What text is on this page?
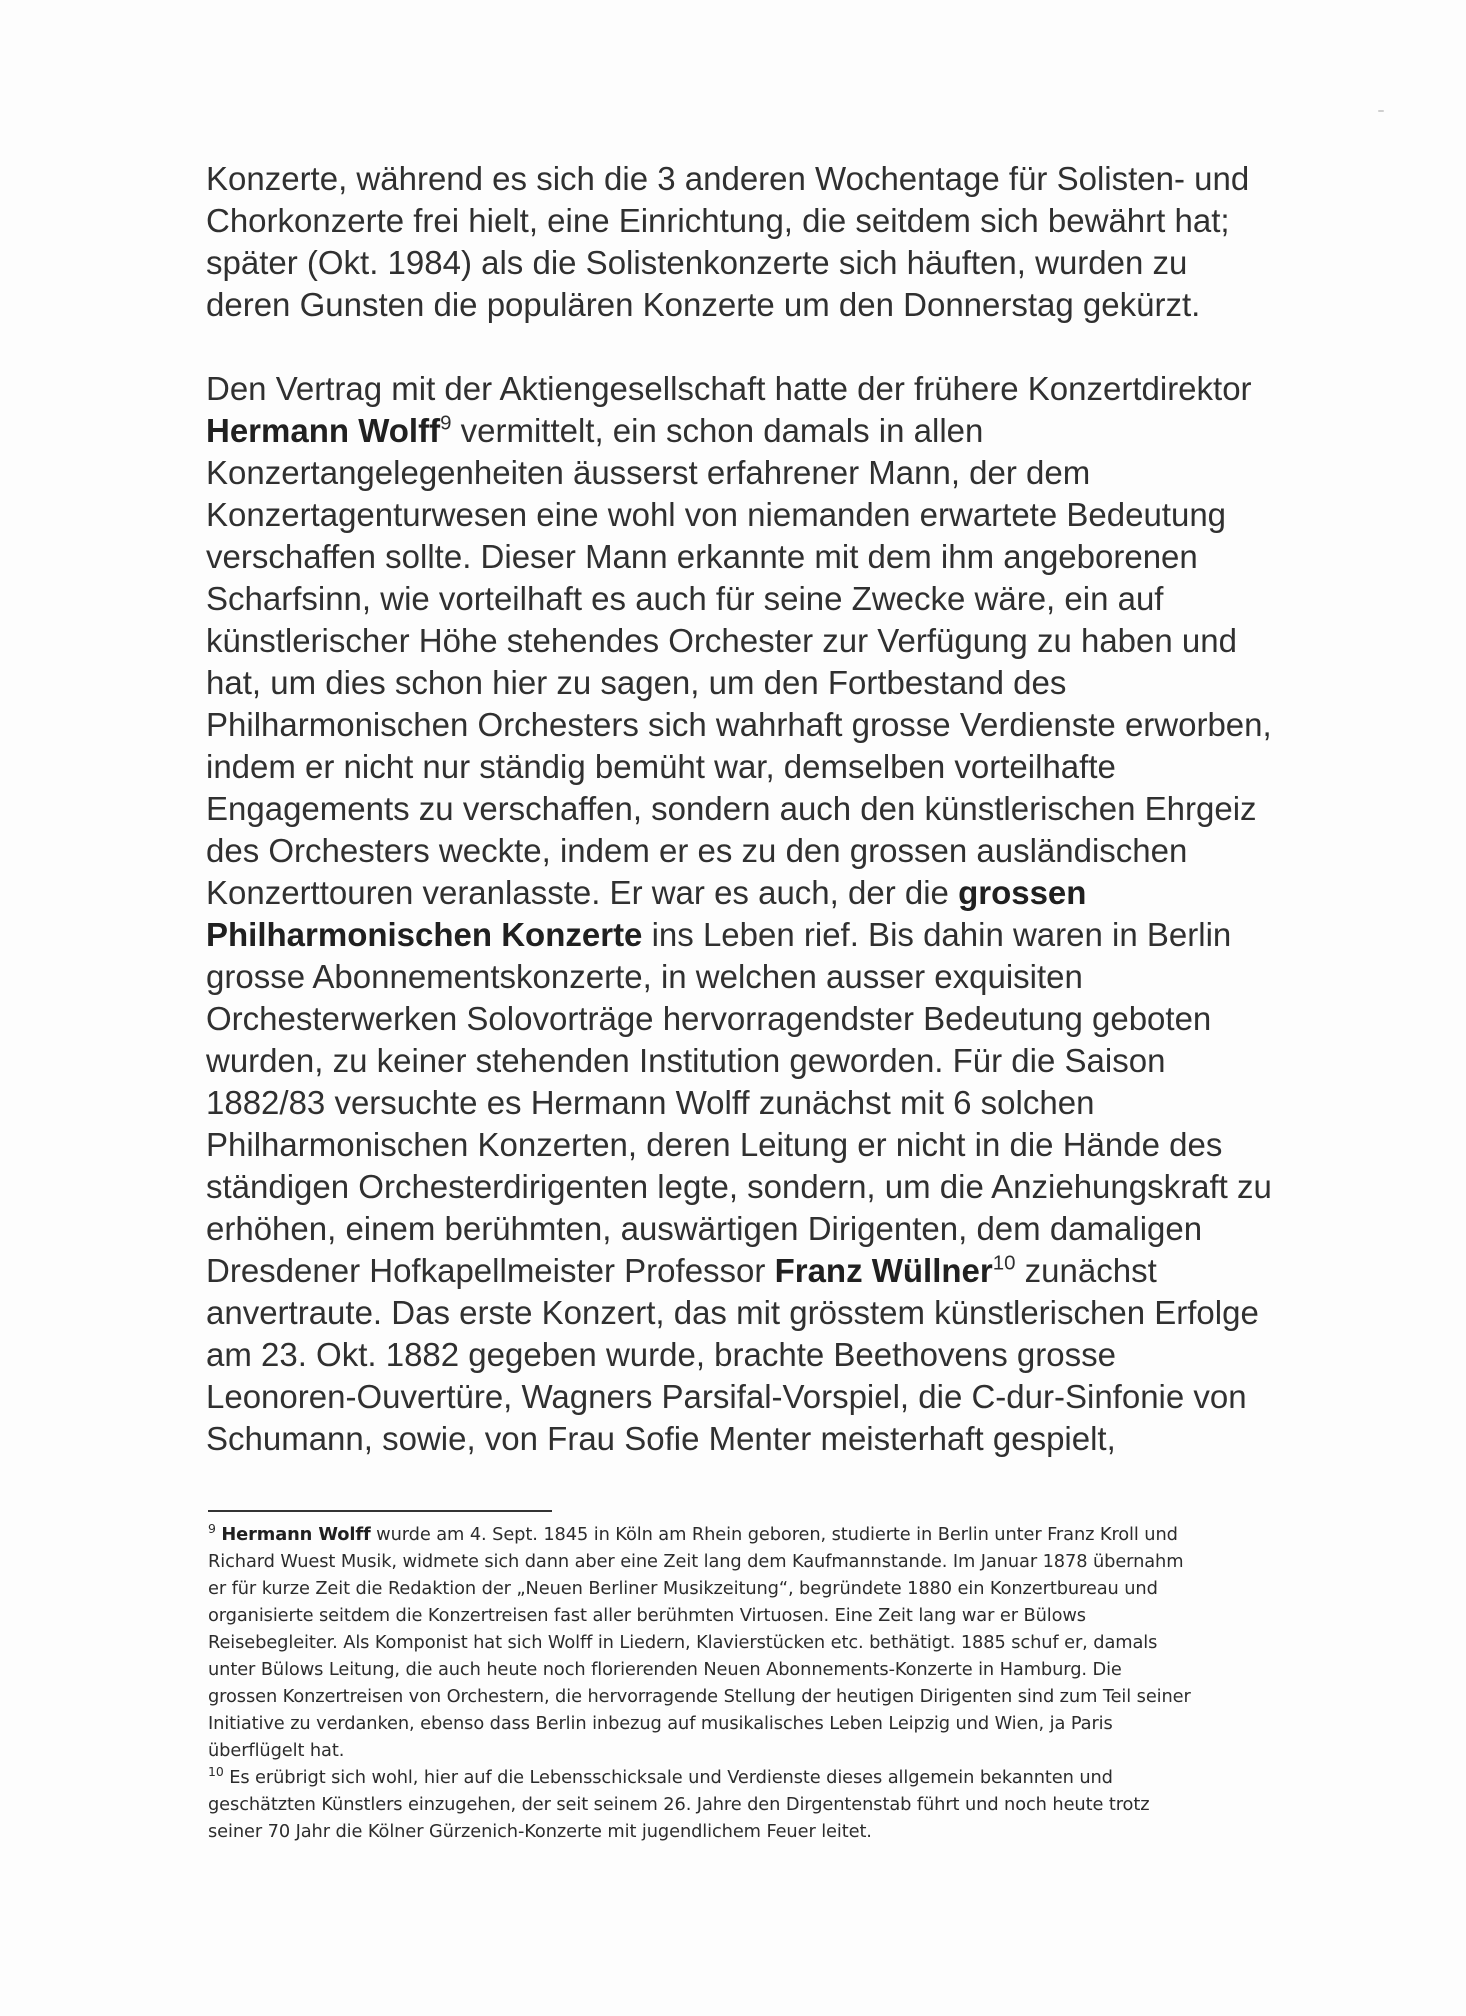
Konzerte, während es sich die 3 anderen Wochentage für Solisten- und
Chorkonzerte frei hielt, eine Einrichtung, die seitdem sich bewährt hat;
später (Okt. 1984) als die Solistenkonzerte sich häuften, wurden zu
deren Gunsten die populären Konzerte um den Donnerstag gekürzt.

Den Vertrag mit der Aktiengesellschaft hatte der frühere Konzertdirektor
Hermann Wolff$^9$ vermittelt, ein schon damals in allen
Konzertangelegenheiten äusserst erfahrener Mann, der dem
Konzertagenturwesen eine wohl von niemanden erwartete Bedeutung
verschaffen sollte. Dieser Mann erkannte mit dem ihm angeborenen
Scharfsinn, wie vorteilhaft es auch für seine Zwecke wäre, ein auf
künstlerischer Höhe stehendes Orchester zur Verfügung zu haben und
hat, um dies schon hier zu sagen, um den Fortbestand des
Philharmonischen Orchesters sich wahrhaft grosse Verdienste erworben,
indem er nicht nur ständig bemüht war, demselben vorteilhafte
Engagements zu verschaffen, sondern auch den künstlerischen Ehrgeiz
des Orchesters weckte, indem er es zu den grossen ausländischen
Konzerttouren veranlasste. Er war es auch, der die grossen
Philharmonischen Konzerte ins Leben rief. Bis dahin waren in Berlin
grosse Abonnementskonzerte, in welchen ausser exquisiten
Orchesterwerken Solovorträge hervorragendster Bedeutung geboten
wurden, zu keiner stehenden Institution geworden. Für die Saison
1882/83 versuchte es Hermann Wolff zunächst mit 6 solchen
Philharmonischen Konzerten, deren Leitung er nicht in die Hände des
ständigen Orchesterdirigenten legte, sondern, um die Anziehungskraft zu
erhöhen, einem berühmten, auswärtigen Dirigenten, dem damaligen
Dresdener Hofkapellmeister Professor Franz Wüllner$^{10}$ zunächst
anvertraute. Das erste Konzert, das mit grösstem künstlerischen Erfolge
am 23. Okt. 1882 gegeben wurde, brachte Beethovens grosse
Leonoren-Ouvertüre, Wagners Parsifal-Vorspiel, die C-dur-Sinfonie von
Schumann, sowie, von Frau Sofie Menter meisterhaft gespielt,

$^9$ Hermann Wolff wurde am 4. Sept. 1845 in Köln am Rhein geboren, studierte in Berlin unter Franz Kroll und
Richard Wuest Musik, widmete sich dann aber eine Zeit lang dem Kaufmannstande. Im Januar 1878 übernahm
er für kurze Zeit die Redaktion der „Neuen Berliner Musikzeitung“, begründete 1880 ein Konzertbureau und
organisierte seitdem die Konzertreisen fast aller berühmten Virtuosen. Eine Zeit lang war er Bülows
Reisebegleiter. Als Komponist hat sich Wolff in Liedern, Klavierstücken etc. bethätigt. 1885 schuf er, damals
unter Bülows Leitung, die auch heute noch florierenden Neuen Abonnements-Konzerte in Hamburg. Die
grossen Konzertreisen von Orchestern, die hervorragende Stellung der heutigen Dirigenten sind zum Teil seiner
Initiative zu verdanken, ebenso dass Berlin inbezug auf musikalisches Leben Leipzig und Wien, ja Paris
überflügelt hat.

$^{10}$ Es erübrigt sich wohl, hier auf die Lebensschicksale und Verdienste dieses allgemein bekannten und
geschätzten Künstlers einzugehen, der seit seinem 26. Jahre den Dirgentenstab führt und noch heute trotz
seiner 70 Jahr die Kölner Gürzenich-Konzerte mit jugendlichem Feuer leitet.
